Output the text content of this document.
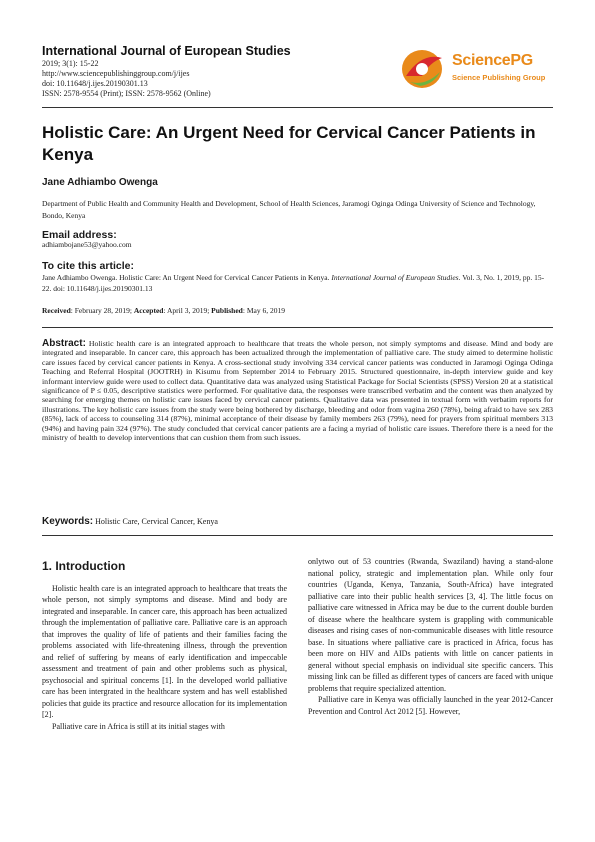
International Journal of European Studies
2019; 3(1): 15-22
http://www.sciencepublishinggroup.com/j/ijes
doi: 10.11648/j.ijes.20190301.13
ISSN: 2578-9554 (Print); ISSN: 2578-9562 (Online)
SciencePG
Science Publishing Group
Holistic Care: An Urgent Need for Cervical Cancer Patients in Kenya
Jane Adhiambo Owenga
Department of Public Health and Community Health and Development, School of Health Sciences, Jaramogi Oginga Odinga University of Science and Technology, Bondo, Kenya
Email address:
adhiambojane53@yahoo.com
To cite this article:
Jane Adhiambo Owenga. Holistic Care: An Urgent Need for Cervical Cancer Patients in Kenya. International Journal of European Studies. Vol. 3, No. 1, 2019, pp. 15-22. doi: 10.11648/j.ijes.20190301.13
Received: February 28, 2019; Accepted: April 3, 2019; Published: May 6, 2019
Abstract: Holistic health care is an integrated approach to healthcare that treats the whole person, not simply symptoms and disease. Mind and body are integrated and inseparable. In cancer care, this approach has been actualized through the implementation of palliative care. The study aimed to determine holistic care issues faced by cervical cancer patients in Kenya. A cross-sectional study involving 334 cervical cancer patients was conducted in Jaramogi Oginga Odinga Teaching and Referral Hospital (JOOTRH) in Kisumu from September 2014 to February 2015. Structured questionnaire, in-depth interview guide and key informant interview guide were used to collect data. Quantitative data was analyzed using Statistical Package for Social Scientists (SPSS) Version 20 at a statistical significance of P ≤ 0.05, descriptive statistics were performed. For qualitative data, the responses were transcribed verbatim and the content was then analyzed by searching for emerging themes on holistic care issues faced by cervical cancer patients. Qualitative data was presented in textual form with verbatim reports for illustrations. The key holistic care issues from the study were being bothered by discharge, bleeding and odor from vagina 260 (78%), being afraid to have sex 283 (85%), lack of access to counseling 314 (87%), minimal acceptance of their disease by family members 263 (79%), need for prayers from spiritual members 313 (94%) and having pain 324 (97%). The study concluded that cervical cancer patients are a facing a myriad of holistic care issues. Therefore there is a need for the ministry of health to develop interventions that can cushion them from such issues.
Keywords: Holistic Care, Cervical Cancer, Kenya
1. Introduction

Holistic health care is an integrated approach to healthcare that treats the whole person, not simply symptoms and disease. Mind and body are integrated and inseparable. In cancer care, this approach has been actualized through the implementation of palliative care. Palliative care is an approach that improves the quality of life of patients and their families facing the problems associated with life-threatening illness, through the prevention and relief of suffering by means of early identification and impeccable assessment and treatment of pain and other problems such as physical, psychosocial and spiritual concerns [1]. In the developed world palliative care has been intergrated in the healthcare system and has well established policies that guide its practice and resource allocation for its implementation [2].

Palliative care in Africa is still at its initial stages with

onlytwo out of 53 countries (Rwanda, Swaziland) having a stand-alone national policy, strategic and implementation plan. While only four countries (Uganda, Kenya, Tanzania, South-Africa) have integrated palliative care into their public health services [3, 4]. The little focus on palliative care witnessed in Africa may be due to the current double burden of disease where the healthcare system is grappling with communicable diseases and rising cases of non-communicable diseases with little resource base. In situations where palliative care is practiced in Africa, focus has been more on HIV and AIDs patients with little on cancer patients in general without special emphasis on individual site specific cancers. This missing link can be filled as different types of cancers are faced with unique problems that require specialized attention.

Palliative care in Kenya was officially launched in the year 2012-Cancer Prevention and Control Act 2012 [5]. However,
